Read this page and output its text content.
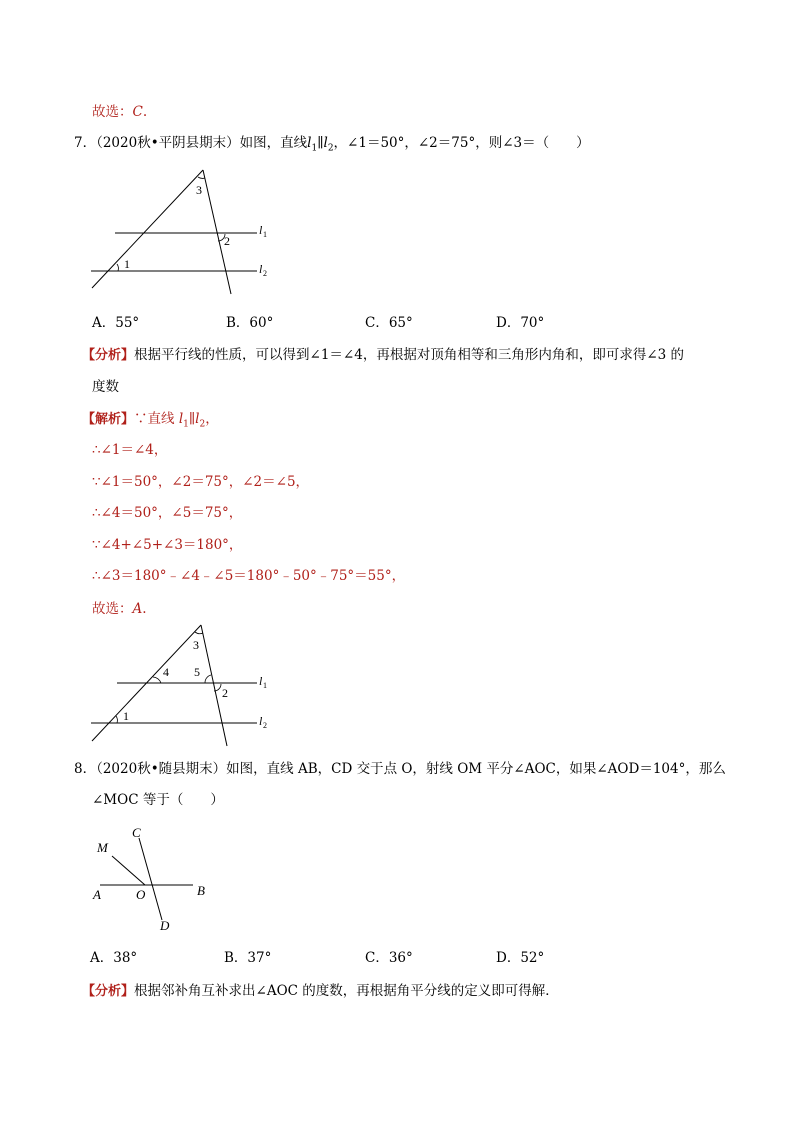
故选：C.
7．（2020秋•平阴县期末）如图，直线$l_1\parallel l_2$，∠1＝50°，∠2＝75°，则∠3＝（　　）
3
2
1
l 1
l 2
A．55°	B．60°	C．65°	D．70°
【分析】根据平行线的性质，可以得到∠1＝∠4，再根据对顶角相等和三角形内角和，即可求得∠3 的
度数
【解析】∵直线 $l_1\parallel l_2$，
∴∠1＝∠4，
∵∠1＝50°，∠2＝75°，∠2＝∠5，
∴∠4＝50°，∠5＝75°，
∵∠4+∠5+∠3＝180°，
∴∠3＝180°﹣∠4﹣∠5＝180°﹣50°﹣75°＝55°，
故选：A.
3
4 5
2
1
l 1
l 2
8．（2020秋•随县期末）如图，直线 AB，CD 交于点 O，射线 OM 平分∠AOC，如果∠AOD＝104°，那么
∠MOC 等于（　　）
C
M
A	O	B
D
A．38°	B．37°	C．36°	D．52°
【分析】根据邻补角互补求出∠AOC 的度数，再根据角平分线的定义即可得解．
